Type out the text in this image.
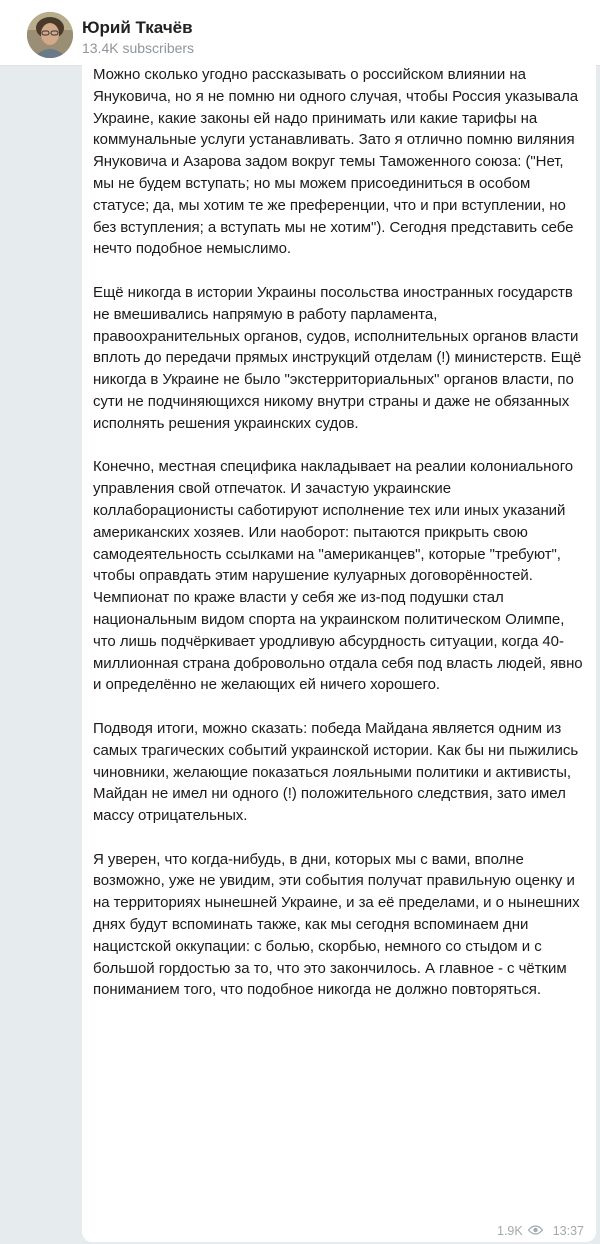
Юрий Ткачёв
13.4K subscribers

Можно сколько угодно рассказывать о российском влиянии на Януковича, но я не помню ни одного случая, чтобы Россия указывала Украине, какие законы ей надо принимать или какие тарифы на коммунальные услуги устанавливать. Зато я отлично помню виляния Януковича и Азарова задом вокруг темы Таможенного союза: ("Нет, мы не будем вступать; но мы можем присоединиться в особом статусе; да, мы хотим те же преференции, что и при вступлении, но без вступления; а вступать мы не хотим"). Сегодня представить себе нечто подобное немыслимо.

Ещё никогда в истории Украины посольства иностранных государств не вмешивались напрямую в работу парламента, правоохранительных органов, судов, исполнительных органов власти вплоть до передачи прямых инструкций отделам (!) министерств. Ещё никогда в Украине не было "экстерриториальных" органов власти, по сути не подчиняющихся никому внутри страны и даже не обязанных исполнять решения украинских судов.

Конечно, местная специфика накладывает на реалии колониального управления свой отпечаток. И зачастую украинские коллаборационисты саботируют исполнение тех или иных указаний американских хозяев. Или наоборот: пытаются прикрыть свою самодеятельность ссылками на "американцев", которые "требуют", чтобы оправдать этим нарушение кулуарных договорённостей. Чемпионат по краже власти у себя же из-под подушки стал национальным видом спорта на украинском политическом Олимпе, что лишь подчёркивает уродливую абсурдность ситуации, когда 40-миллионная страна добровольно отдала себя под власть людей, явно и определённо не желающих ей ничего хорошего.

Подводя итоги, можно сказать: победа Майдана является одним из самых трагических событий украинской истории. Как бы ни пыжились чиновники, желающие показаться лояльными политики и активисты, Майдан не имел ни одного (!) положительного следствия, зато имел массу отрицательных.

Я уверен, что когда-нибудь, в дни, которых мы с вами, вполне возможно, уже не увидим, эти события получат правильную оценку и на территориях нынешней Украине, и за её пределами, и о нынешних днях будут вспоминать также, как мы сегодня вспоминаем дни нацистской оккупации: с болью, скорбью, немного со стыдом и с большой гордостью за то, что это закончилось. А главное - с чётким пониманием того, что подобное никогда не должно повторяться.

1.9K 13:37
